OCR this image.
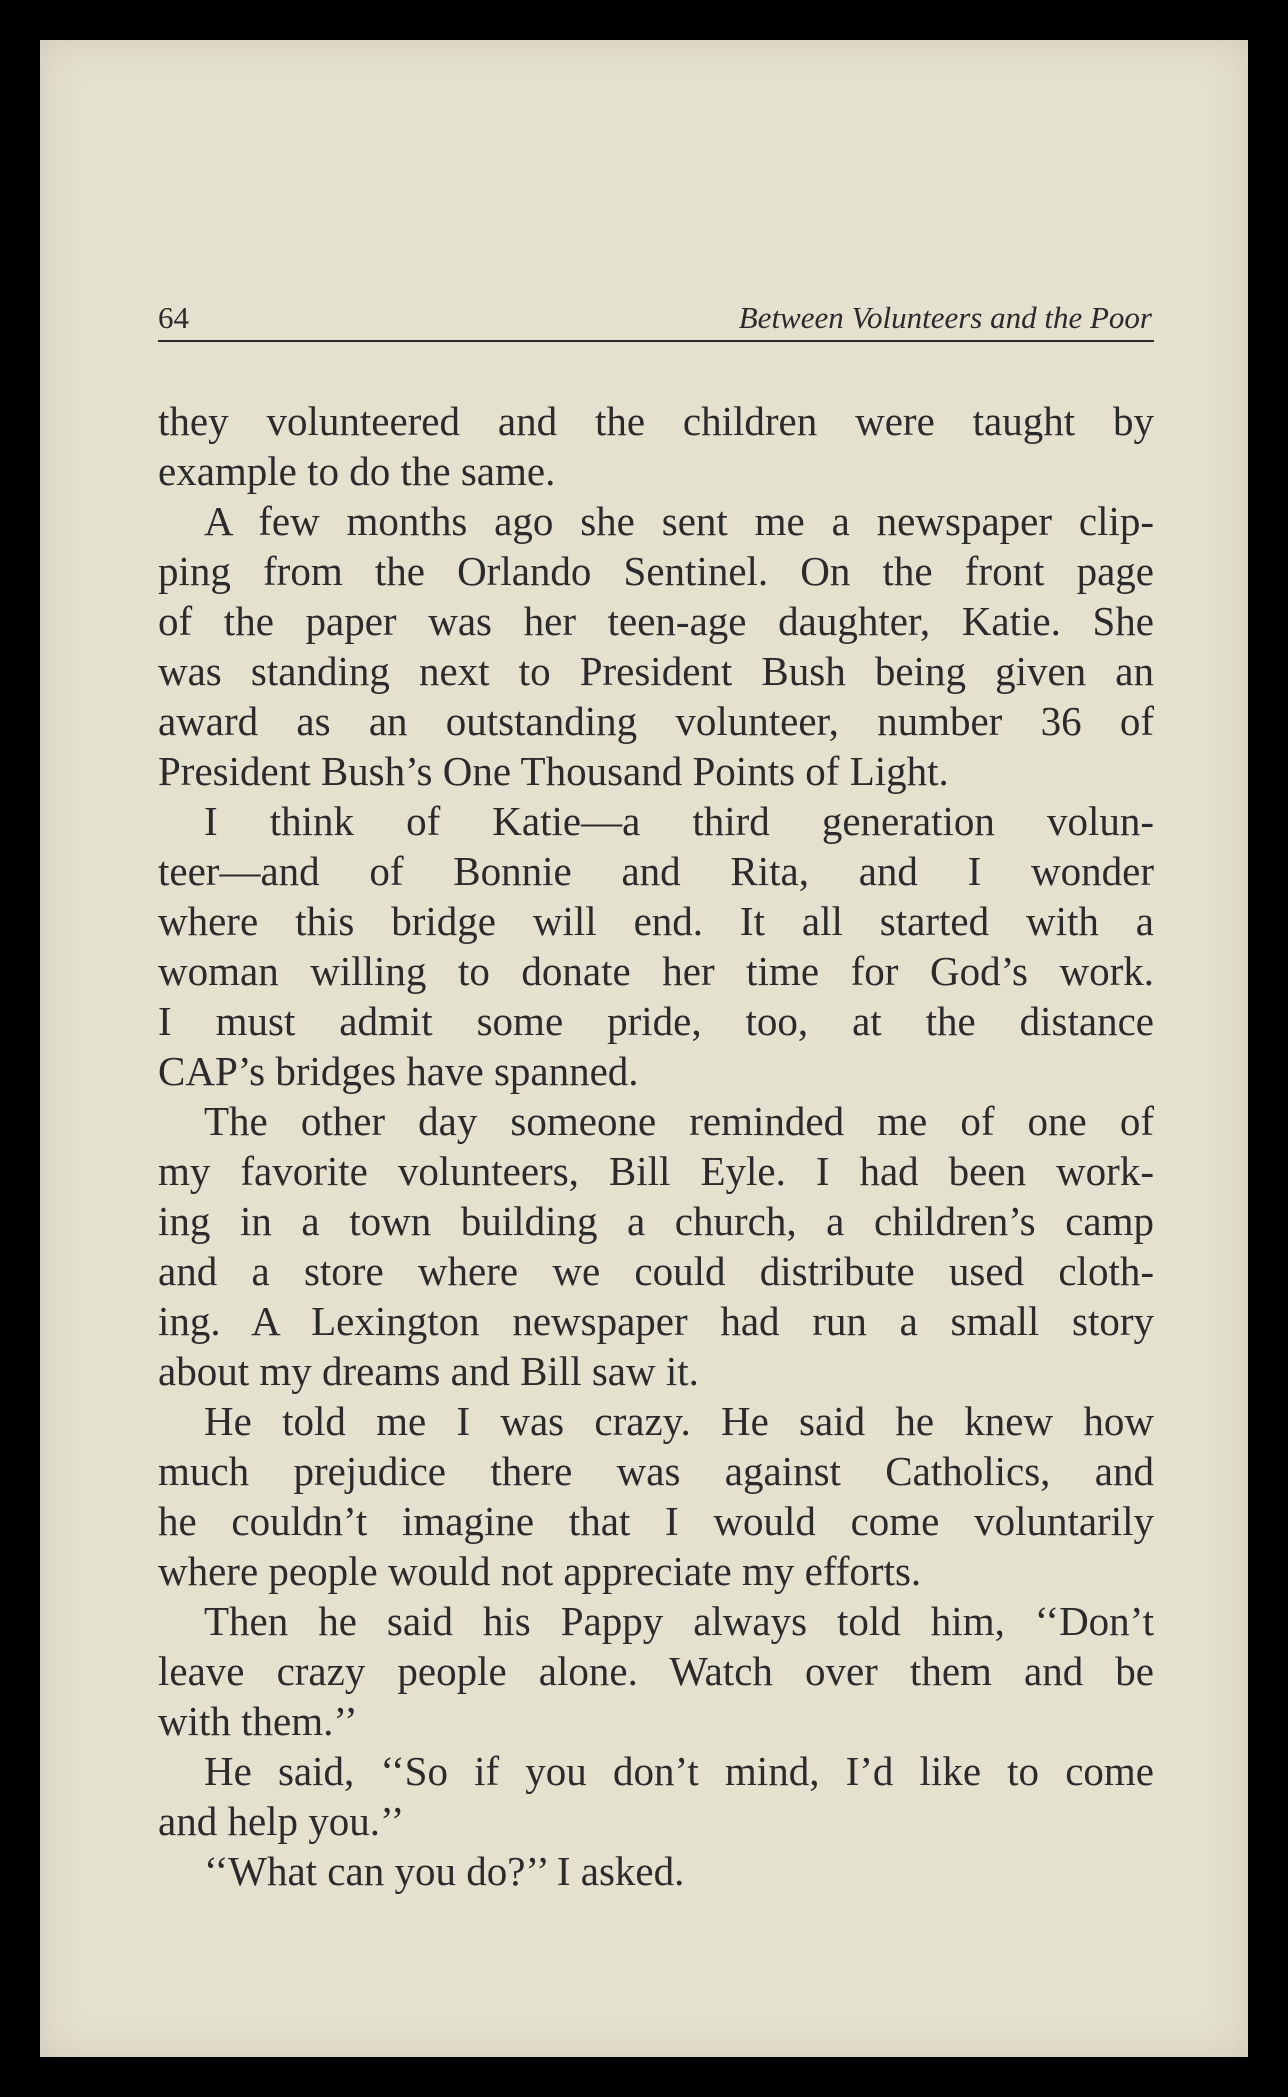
64	Between Volunteers and the Poor
they volunteered and the children were taught by
example to do the same.
A few months ago she sent me a newspaper clip-
ping from the Orlando Sentinel. On the front page
of the paper was her teen-age daughter, Katie. She
was standing next to President Bush being given an
award as an outstanding volunteer, number 36 of
President Bush’s One Thousand Points of Light.
I think of Katie—a third generation volun-
teer—and of Bonnie and Rita, and I wonder
where this bridge will end. It all started with a
woman willing to donate her time for God’s work.
I must admit some pride, too, at the distance
CAP’s bridges have spanned.
The other day someone reminded me of one of
my favorite volunteers, Bill Eyle. I had been work-
ing in a town building a church, a children’s camp
and a store where we could distribute used cloth-
ing. A Lexington newspaper had run a small story
about my dreams and Bill saw it.
He told me I was crazy. He said he knew how
much prejudice there was against Catholics, and
he couldn’t imagine that I would come voluntarily
where people would not appreciate my efforts.
Then he said his Pappy always told him, ‘‘Don’t
leave crazy people alone. Watch over them and be
with them.’’
He said, ‘‘So if you don’t mind, I’d like to come
and help you.’’
‘‘What can you do?’’ I asked.
